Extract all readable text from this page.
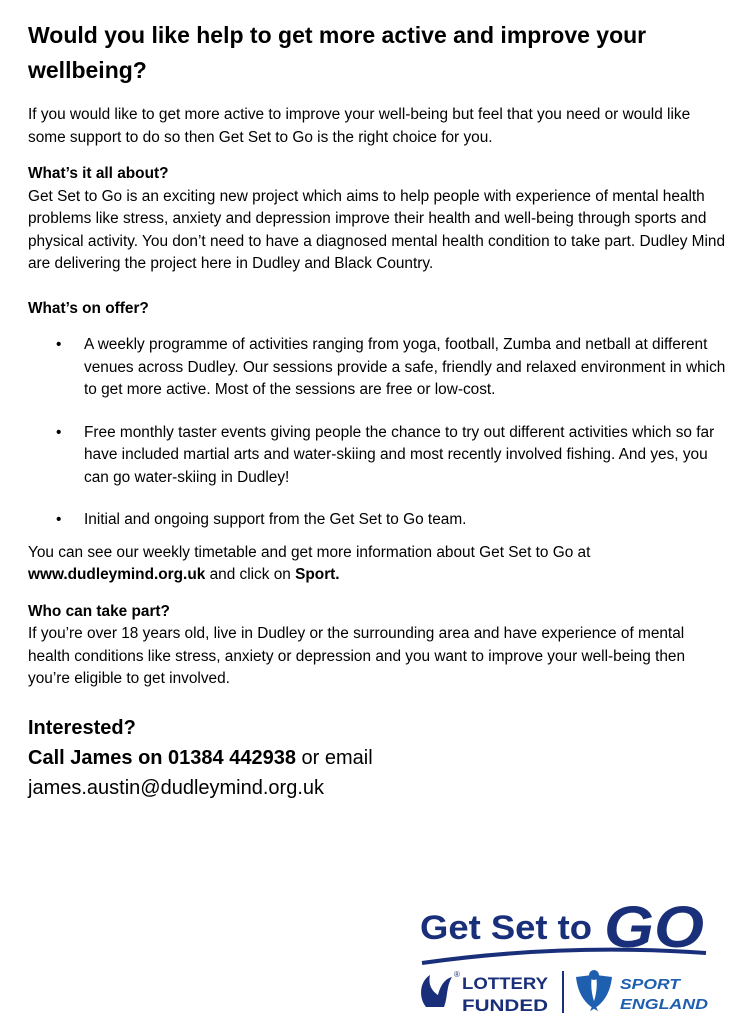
Would you like help to get more active and improve your wellbeing?

If you would like to get more active to improve your well-being but feel that you need or would like some support to do so then Get Set to Go is the right choice for you.

What’s it all about?

Get Set to Go is an exciting new project which aims to help people with experience of mental health problems like stress, anxiety and depression improve their health and well-being through sports and physical activity. You don’t need to have a diagnosed mental health condition to take part. Dudley Mind are delivering the project here in Dudley and Black Country.

What’s on offer?
• A weekly programme of activities ranging from yoga, football, Zumba and netball at different venues across Dudley. Our sessions provide a safe, friendly and relaxed environment in which to get more active. Most of the sessions are free or low-cost.
• Free monthly taster events giving people the chance to try out different activities which so far have included martial arts and water-skiing and most recently involved fishing. And yes, you can go water-skiing in Dudley!
• Initial and ongoing support from the Get Set to Go team.

You can see our weekly timetable and get more information about Get Set to Go at www.dudleymind.org.uk and click on Sport.

Who can take part?

If you’re over 18 years old, live in Dudley or the surrounding area and have experience of mental health conditions like stress, anxiety or depression and you want to improve your well-being then you’re eligible to get involved.

Interested?
Call James on 01384 442938 or email
james.austin@dudleymind.org.uk
Get Set to GO
® LOTTERY
FUNDED
SPORT
ENGLAND
